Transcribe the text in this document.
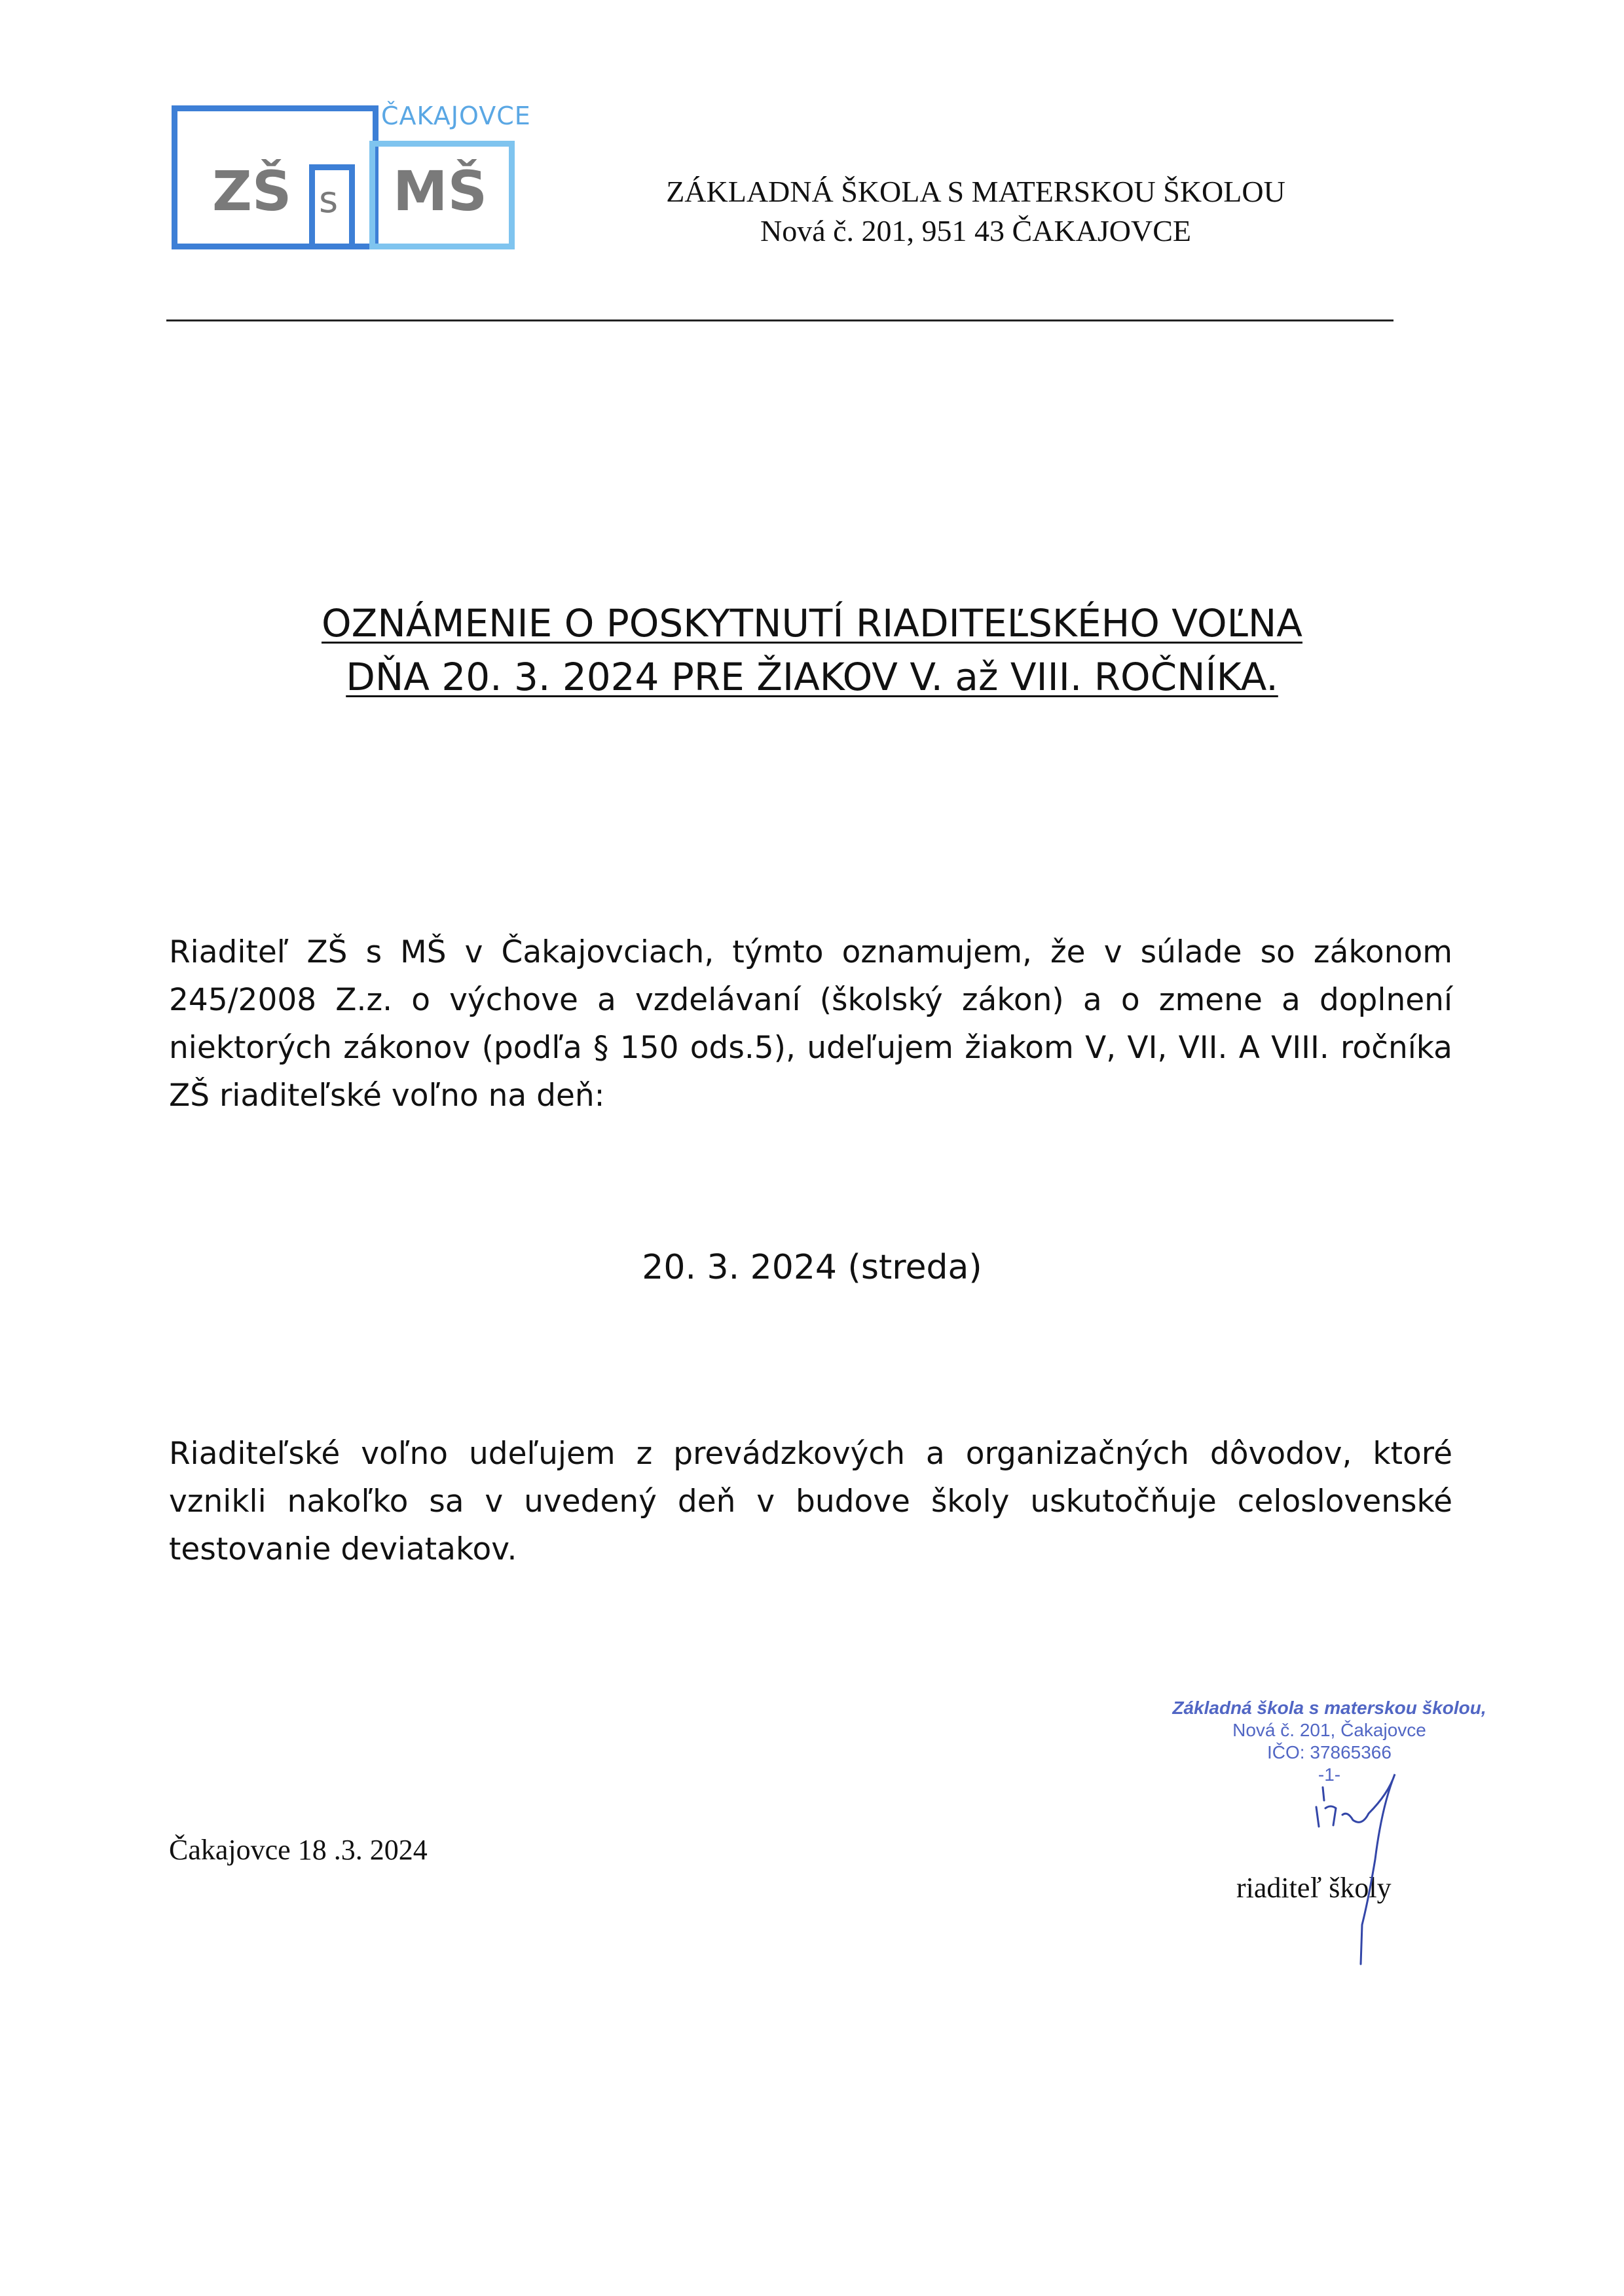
ČAKAJOVCE
ZŠ s MŠ	ZÁKLADNÁ ŠKOLA S MATERSKOU ŠKOLOU
Nová č. 201, 951 43 ČAKAJOVCE
OZNÁMENIE O POSKYTNUTÍ RIADITEĽSKÉHO VOĽNA
DŇA 20. 3. 2024 PRE ŽIAKOV V. až VIII. ROČNÍKA.
Riaditeľ ZŠ s MŠ v Čakajovciach, týmto oznamujem, že v súlade so zákonom 245/2008 Z.z. o výchove a vzdelávaní (školský zákon) a o zmene a doplnení niektorých zákonov (podľa § 150 ods.5), udeľujem žiakom V, VI, VII. A VIII. ročníka ZŠ riaditeľské voľno na deň:
20. 3. 2024 (streda)
Riaditeľské voľno udeľujem z prevádzkových a organizačných dôvodov, ktoré vznikli nakoľko sa v uvedený deň v budove školy uskutočňuje celoslovenské testovanie deviatakov.
Základná škola s materskou školou,
Nová č. 201, Čakajovce
IČO: 37865366
-1-
Čakajovce 18 .3. 2024
riaditeľ školy
